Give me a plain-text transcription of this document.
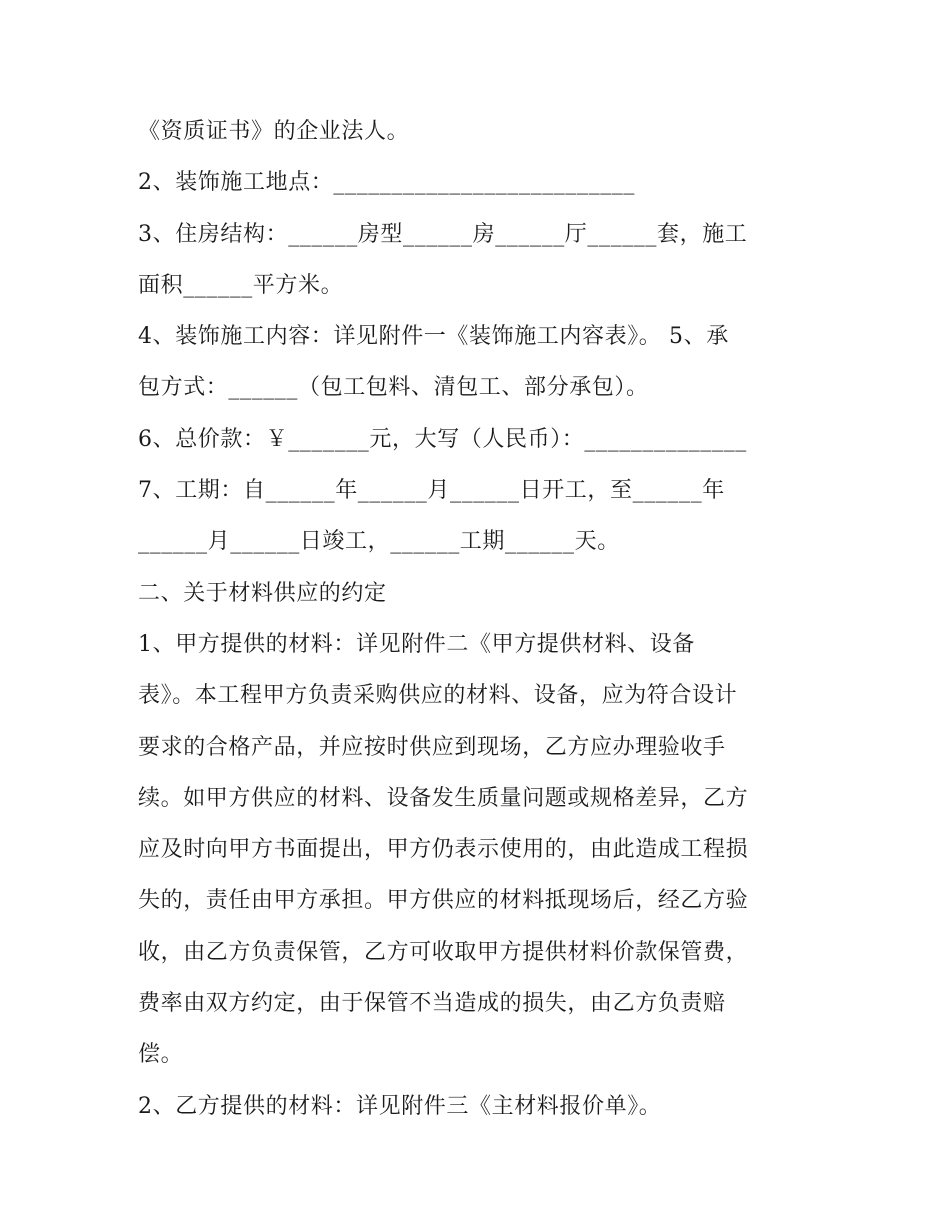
《资质证书》的企业法人。
2、装饰施工地点：__________________________
3、住房结构：______房型______房______厅______套，施工
面积______平方米。
4、装饰施工内容：详见附件一《装饰施工内容表》。 5、承
包方式：______（包工包料、清包工、部分承包）。
6、总价款：￥_______元，大写（人民币）：______________
7、工期：自______年______月______日开工，至______年
______月______日竣工，______工期______天。
二、关于材料供应的约定
1、甲方提供的材料：详见附件二《甲方提供材料、设备
表》。本工程甲方负责采购供应的材料、设备，应为符合设计
要求的合格产品，并应按时供应到现场，乙方应办理验收手
续。如甲方供应的材料、设备发生质量问题或规格差异，乙方
应及时向甲方书面提出，甲方仍表示使用的，由此造成工程损
失的，责任由甲方承担。甲方供应的材料抵现场后，经乙方验
收，由乙方负责保管，乙方可收取甲方提供材料价款保管费，
费率由双方约定，由于保管不当造成的损失，由乙方负责赔
偿。
2、乙方提供的材料：详见附件三《主材料报价单》。
